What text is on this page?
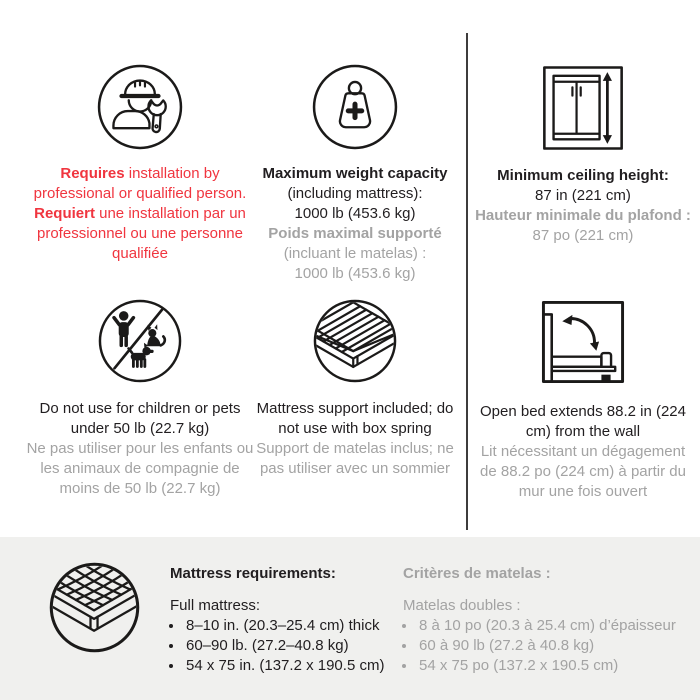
Requires installation by professional or qualified person.
Requiert une installation par un professionnel ou une personne qualifiée

Maximum weight capacity
(including mattress):
1000 lb (453.6 kg)

Poids maximal supporté
(incluant le matelas) :
1000 lb (453.6 kg)

Minimum ceiling height:
87 in (221 cm)

Hauteur minimale du plafond :
87 po (221 cm)

Do not use for children or pets under 50 lb (22.7 kg)
Ne pas utiliser pour les enfants ou les animaux de compagnie de moins de 50 lb (22.7 kg)

Mattress support included; do not use with box spring
Support de matelas inclus; ne pas utiliser avec un sommier

Open bed extends 88.2 in (224 cm) from the wall
Lit nécessitant un dégagement de 88.2 po (224 cm) à partir du mur une fois ouvert

Mattress requirements:

Full mattress:

• 8–10 in. (20.3–25.4 cm) thick
• 60–90 lb. (27.2–40.8 kg)
• 54 x 75 in. (137.2 x 190.5 cm)
Critères de matelas :

Matelas doubles :

• 8 à 10 po (20.3 à 25.4 cm) d’épaisseur
• 60 à 90 lb (27.2 à 40.8 kg)
• 54 x 75 po (137.2 x 190.5 cm)
